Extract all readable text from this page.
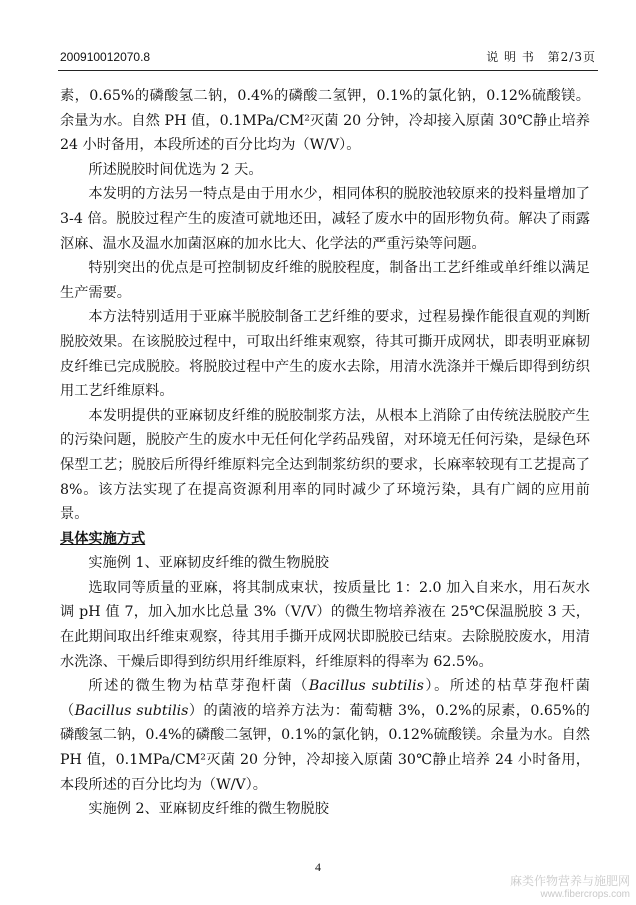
200910012070.8	说 明 书 第2/3页

素，0.65%的磷酸氢二钠，0.4%的磷酸二氢钾，0.1%的氯化钠，0.12%硫酸镁。余量为水。自然 PH 值，0.1MPa/CM²灭菌 20 分钟，冷却接入原菌 30℃静止培养 24 小时备用，本段所述的百分比均为（W/V）。

所述脱胶时间优选为 2 天。

本发明的方法另一特点是由于用水少，相同体积的脱胶池较原来的投料量增加了 3-4 倍。脱胶过程产生的废渣可就地还田，减轻了废水中的固形物负荷。解决了雨露沤麻、温水及温水加菌沤麻的加水比大、化学法的严重污染等问题。

特别突出的优点是可控制韧皮纤维的脱胶程度，制备出工艺纤维或单纤维以满足生产需要。

本方法特别适用于亚麻半脱胶制备工艺纤维的要求，过程易操作能很直观的判断脱胶效果。在该脱胶过程中，可取出纤维束观察，待其可撕开成网状，即表明亚麻韧皮纤维已完成脱胶。将脱胶过程中产生的废水去除，用清水洗涤并干燥后即得到纺织用工艺纤维原料。

本发明提供的亚麻韧皮纤维的脱胶制浆方法，从根本上消除了由传统法脱胶产生的污染问题，脱胶产生的废水中无任何化学药品残留，对环境无任何污染，是绿色环保型工艺；脱胶后所得纤维原料完全达到制浆纺织的要求，长麻率较现有工艺提高了 8%。该方法实现了在提高资源利用率的同时减少了环境污染，具有广阔的应用前景。

具体实施方式

实施例 1、亚麻韧皮纤维的微生物脱胶

选取同等质量的亚麻，将其制成束状，按质量比 1：2.0 加入自来水，用石灰水调 pH 值 7，加入加水比总量 3%（V/V）的微生物培养液在 25℃保温脱胶 3 天，在此期间取出纤维束观察，待其用手撕开成网状即脱胶已结束。去除脱胶废水，用清水洗涤、干燥后即得到纺织用纤维原料，纤维原料的得率为 62.5%。

所述的微生物为枯草芽孢杆菌（Bacillus subtilis）。所述的枯草芽孢杆菌（Bacillus subtilis）的菌液的培养方法为：葡萄糖 3%，0.2%的尿素，0.65%的磷酸氢二钠，0.4%的磷酸二氢钾，0.1%的氯化钠，0.12%硫酸镁。余量为水。自然 PH 值，0.1MPa/CM²灭菌 20 分钟，冷却接入原菌 30℃静止培养 24 小时备用，本段所述的百分比均为（W/V）。

实施例 2、亚麻韧皮纤维的微生物脱胶

4
麻类作物营养与施肥网
www.fibercrops.com
